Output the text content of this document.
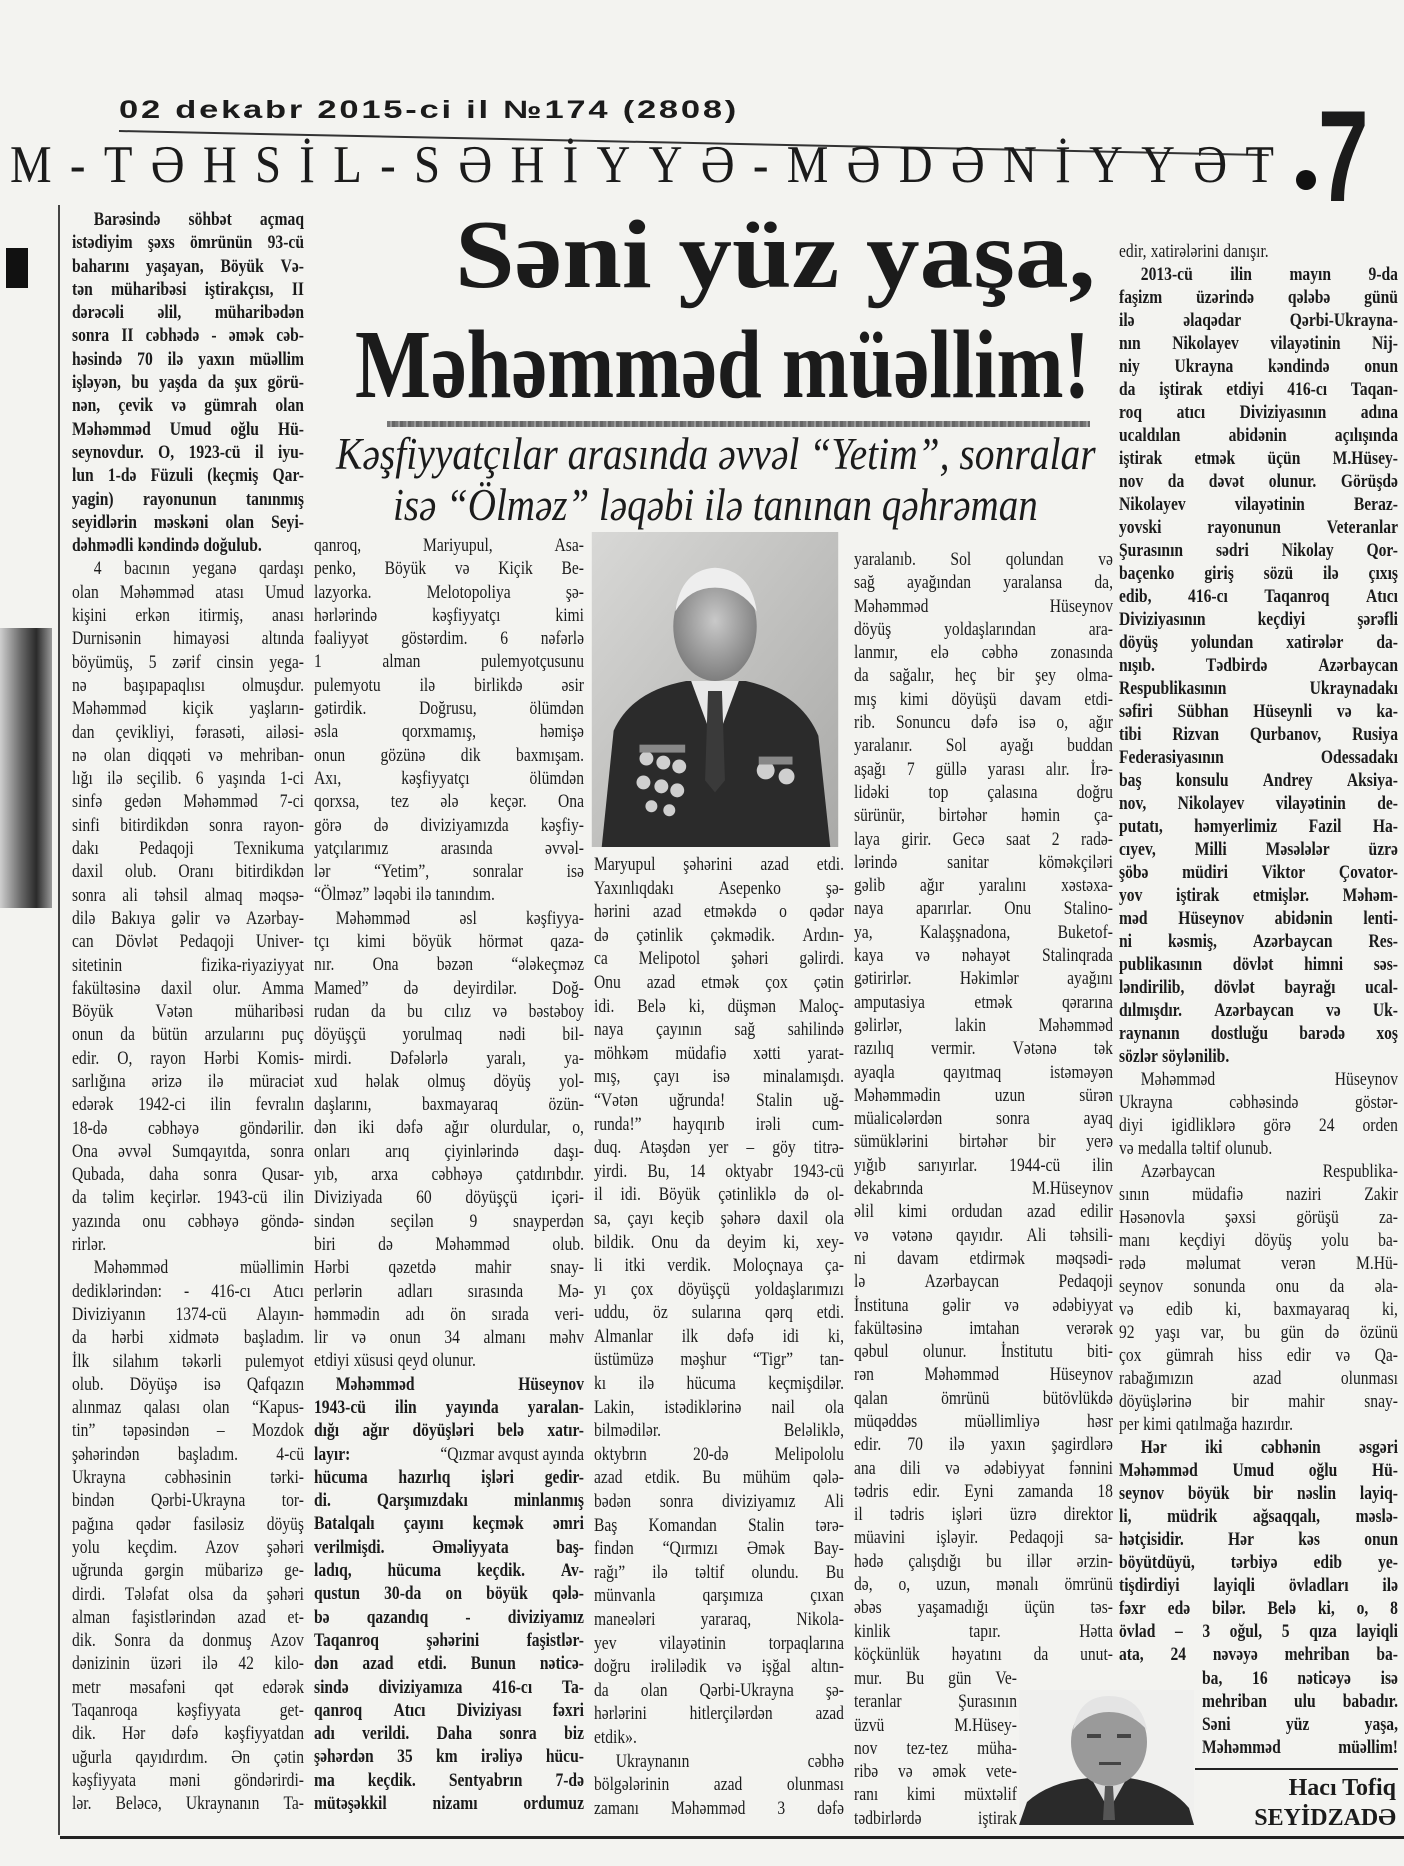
02 dekabr 2015-ci il №174 (2808)
M-TƏHSİL-SƏHİYYƏ-MƏDƏNİYYƏT 7
Səni yüz yaşa,
Məhəmməd müəllim!
Kəşfiyyatçılar arasında əvvəl “Yetim”, sonralar
isə “Ölməz” ləqəbi ilə tanınan qəhrəman
Barəsində söhbət açmaq
istədiyim şəxs ömrünün 93-cü
baharını yaşayan, Böyük Və-
tən müharibəsi iştirakçısı, II
dərəcəli əlil, müharibədən
sonra II cəbhədə - əmək cəb-
həsində 70 ilə yaxın müəllim
işləyən, bu yaşda da şux görü-
nən, çevik və gümrah olan
Məhəmməd Umud oğlu Hü-
seynovdur. O, 1923-cü il iyu-
lun 1-də Füzuli (keçmiş Qar-
yagin) rayonunun tanınmış
seyidlərin məskəni olan Seyi-
dəhmədli kəndində doğulub.
4 bacının yeganə qardaşı
olan Məhəmməd atası Umud
kişini erkən itirmiş, anası
Durnisənin himayəsi altında
böyümüş, 5 zərif cinsin yega-
nə başıpapaqlısı olmuşdur.
Məhəmməd kiçik yaşların-
dan çevikliyi, fərasəti, ailəsi-
nə olan diqqəti və mehriban-
lığı ilə seçilib. 6 yaşında 1-ci
sinfə gedən Məhəmməd 7-ci
sinfi bitirdikdən sonra rayon-
dakı Pedaqoji Texnikuma
daxil olub. Oranı bitirdikdən
sonra ali təhsil almaq məqsə-
dilə Bakıya gəlir və Azərbay-
can Dövlət Pedaqoji Univer-
sitetinin	fizika-riyaziyyat
fakültəsinə daxil olur. Amma
Böyük Vətən müharibəsi
onun da bütün arzularını puç
edir. O, rayon Hərbi Komis-
sarlığına ərizə ilə müraciət
edərək 1942-ci ilin fevralın
18-də cəbhəyə göndərilir.
Ona əvvəl Sumqayıtda, sonra
Qubada, daha sonra Qusar-
da təlim keçirlər. 1943-cü ilin
yazında onu cəbhəyə göndə-
rirlər.
Məhəmməd	müəllimin
dediklərindən: - 416-cı Atıcı
Diviziyanın 1374-cü Alayın-
da hərbi xidmətə başladım.
İlk silahım təkərli pulemyot
olub. Döyüşə isə Qafqazın
alınmaz qalası olan “Kapus-
tin” təpəsindən – Mozdok
şəhərindən başladım. 4-cü
Ukrayna cəbhəsinin tərki-
bindən Qərbi-Ukrayna tor-
pağına qədər fasiləsiz döyüş
yolu keçdim. Azov şəhəri
uğrunda gərgin mübarizə ge-
dirdi. Tələfat olsa da şəhəri
alman faşistlərindən azad et-
dik. Sonra da donmuş Azov
dənizinin üzəri ilə 42 kilo-
metr məsafəni qət edərək
Taqanroqa kəşfiyyata get-
dik. Hər dəfə kəşfiyyatdan
uğurla qayıdırdım. Ən çətin
kəşfiyyata məni göndərirdi-
lər. Beləcə, Ukraynanın Ta-
qanroq,	Mariyupul,	Asa-
penko, Böyük və Kiçik Be-
lazyorka.	Melotopoliya	şə-
hərlərində	kəşfiyyatçı	kimi
fəaliyyət göstərdim. 6 nəfərlə
1	alman	pulemyotçusunu
pulemyotu ilə birlikdə əsir
gətirdik.	Doğrusu,	ölümdən
əsla	qorxmamış,	həmişə
onun gözünə dik baxmışam.
Axı,	kəşfiyyatçı	ölümdən
qorxsa, tez ələ keçər. Ona
görə də diviziyamızda kəşfiy-
yatçılarımız	arasında	əvvəl-
lər “Yetim”, sonralar isə
“Ölməz” ləqəbi ilə tanındım.
Məhəmməd	əsl	kəşfiyya-
tçı kimi böyük hörmət qaza-
nır. Ona bəzən “ələkeçməz
Mamed” də deyirdilər. Doğ-
rudan da bu cılız və bəstəboy
döyüşçü yorulmaq nədi bil-
mirdi. Dəfələrlə yaralı, ya-
xud həlak olmuş döyüş yol-
daşlarını,	baxmayaraq	özün-
dən iki dəfə ağır olurdular, o,
onları arıq çiyinlərində daşı-
yıb, arxa cəbhəyə çatdırıbdır.
Diviziyada 60 döyüşçü içəri-
sindən seçilən 9 snayperdən
biri də Məhəmməd olub.
Hərbi qəzetdə mahir snay-
perlərin adları sırasında Mə-
həmmədin adı ön sırada veri-
lir və onun 34 almanı məhv
etdiyi xüsusi qeyd olunur.
Məhəmməd	Hüseynov
1943-cü ilin yayında yaralan-
dığı ağır döyüşləri belə xatır-
layır:	“Qızmar avqust ayında
hücuma hazırlıq işləri gedir-
di. Qarşımızdakı minlanmış
Batalqalı çayını keçmək əmri
verilmişdi.	Əməliyyata	baş-
ladıq, hücuma keçdik. Av-
qustun 30-da on böyük qələ-
bə qazandıq - diviziyamız
Taqanroq şəhərini faşistlər-
dən azad etdi. Bunun nəticə-
sində diviziyamıza 416-cı Ta-
qanroq Atıcı Diviziyası fəxri
adı verildi. Daha sonra biz
şəhərdən 35 km irəliyə hücu-
ma keçdik. Sentyabrın 7-də
mütəşəkkil nizamı ordumuz
Maryupul şəhərini azad etdi.
Yaxınlıqdakı Asepenko şə-
hərini azad etməkdə o qədər
də çətinlik çəkmədik. Ardın-
ca Melipotol şəhəri gəlirdi.
Onu azad etmək çox çətin
idi. Belə ki, düşmən Maloç-
naya çayının sağ sahilində
möhkəm müdafiə xətti yarat-
mış, çayı isə minalamışdı.
“Vətən uğrunda! Stalin uğ-
runda!” hayqırıb irəli cum-
duq. Atəşdən yer – göy titrə-
yirdi. Bu, 14 oktyabr 1943-cü
il idi. Böyük çətinliklə də ol-
sa, çayı keçib şəhərə daxil ola
bildik. Onu da deyim ki, xey-
li itki verdik. Moloçnaya ça-
yı çox döyüşçü yoldaşlarımızı
uddu, öz sularına qərq etdi.
Almanlar ilk dəfə idi ki,
üstümüzə məşhur “Tigr” tan-
kı ilə hücuma keçmişdilər.
Lakin, istədiklərinə nail ola
bilmədilər.	Beləliklə,
oktybrın 20-də Melipololu
azad etdik. Bu mühüm qələ-
bədən sonra diviziyamız Ali
Baş Komandan Stalin tərə-
findən “Qırmızı Əmək Bay-
rağı” ilə təltif olundu. Bu
münvanla qarşımıza çıxan
maneələri yararaq, Nikola-
yev vilayətinin torpaqlarına
doğru irəlilədik və işğal altın-
da olan Qərbi-Ukrayna şə-
hərlərini hitlerçilərdən azad
etdik».
Ukraynanın	cəbhə
bölgələrinin azad olunması
zamanı Məhəmməd 3 dəfə
yaralanıb. Sol qolundan və
sağ ayağından yaralansa da,
Məhəmməd	Hüseynov
döyüş	yoldaşlarından	ara-
lanmır, elə cəbhə zonasında
da sağalır, heç bir şey olma-
mış kimi döyüşü davam etdi-
rib. Sonuncu dəfə isə o, ağır
yaralanır. Sol ayağı buddan
aşağı 7 güllə yarası alır. İrə-
lidəki top çalasına doğru
sürünür, birtəhər həmin ça-
laya girir. Gecə saat 2 radə-
lərində	sanitar	köməkçiləri
gəlib ağır yaralını xəstəxa-
naya aparırlar. Onu Stalino-
ya, Kalaşşnadona, Buketof-
kaya və nəhayət Stalinqrada
gətirirlər.	Həkimlər	ayağını
amputasiya	etmək	qərarına
gəlirlər,	lakin	Məhəmməd
razılıq vermir. Vətənə tək
ayaqla	qayıtmaq	istəməyən
Məhəmmədin	uzun	sürən
müalicələrdən	sonra	ayaq
sümüklərini birtəhər bir yerə
yığıb sarıyırlar. 1944-cü ilin
dekabrında	M.Hüseynov
əlil kimi ordudan azad edilir
və vətənə qayıdır. Ali təhsili-
ni davam etdirmək məqsədi-
lə	Azərbaycan	Pedaqoji
İnstituna gəlir və ədəbiyyat
fakültəsinə imtahan verərək
qəbul olunur. İnstitutu biti-
rən	Məhəmməd	Hüseynov
qalan	ömrünü	bütövlükdə
müqəddəs müəllimliyə həsr
edir. 70 ilə yaxın şagirdlərə
ana dili və ədəbiyyat fənnini
tədris edir. Eyni zamanda 18
il tədris işləri üzrə direktor
müavini işləyir. Pedaqoji sa-
hədə çalışdığı bu illər ərzin-
də, o, uzun, mənalı ömrünü
əbəs yaşamadığı üçün təs-
kinlik	tapır.	Hətta
köçkünlük həyatını da unut-
mur. Bu gün Ve-
teranlar	Şurasının
üzvü	M.Hüsey-
nov tez-tez müha-
ribə və əmək vete-
ranı kimi müxtəlif
tədbirlərdə	iştirak
edir, xatirələrini danışır.
2013-cü ilin mayın 9-da
faşizm üzərində qələbə günü
ilə	əlaqədar	Qərbi-Ukrayna-
nın Nikolayev vilayətinin Nij-
niy Ukrayna kəndində onun
da iştirak etdiyi 416-cı Taqan-
roq atıcı Diviziyasının adına
ucaldılan	abidənin	açılışında
iştirak etmək üçün M.Hüsey-
nov da dəvət olunur. Görüşdə
Nikolayev	vilayətinin	Beraz-
yovski rayonunun Veteranlar
Şurasının sədri Nikolay Qor-
baçenko giriş sözü ilə çıxış
edib, 416-cı Taqanroq Atıcı
Diviziyasının	keçdiyi	şərəfli
döyüş yolundan xatirələr da-
nışıb.	Tədbirdə	Azərbaycan
Respublikasının	Ukraynadakı
səfiri Sübhan Hüseynli və ka-
tibi Rizvan Qurbanov, Rusiya
Federasiyasının	Odessadakı
baş konsulu Andrey Aksiya-
nov, Nikolayev vilayətinin de-
putatı, həmyerlimiz Fazil Ha-
cıyev, Milli Məsələlər üzrə
şöbə müdiri Viktor Çovator-
yov iştirak etmişlər. Məhəm-
məd Hüseynov abidənin lenti-
ni kəsmiş, Azərbaycan Res-
publikasının dövlət himni səs-
ləndirilib, dövlət bayrağı ucal-
dılmışdır. Azərbaycan və Uk-
raynanın dostluğu barədə xoş
sözlər söylənilib.
Məhəmməd	Hüseynov
Ukrayna	cəbhəsində	göstər-
diyi igidliklərə görə 24 orden
və medalla təltif olunub.
Azərbaycan	Respublika-
sının müdafiə naziri Zakir
Həsənovla şəxsi görüşü za-
manı keçdiyi döyüş yolu ba-
rədə məlumat verən M.Hü-
seynov sonunda onu da əla-
və edib ki, baxmayaraq ki,
92 yaşı var, bu gün də özünü
çox gümrah hiss edir və Qa-
rabağımızın	azad	olunması
döyüşlərinə bir mahir snay-
per kimi qatılmağa hazırdır.
Hər iki cəbhənin əsgəri
Məhəmməd Umud oğlu Hü-
seynov böyük bir nəslin layiq-
li, müdrik ağsaqqalı, məslə-
hətçisidir. Hər kəs onun
böyütdüyü, tərbiyə edib ye-
tişdirdiyi layiqli övladları ilə
fəxr edə bilər. Belə ki, o, 8
övlad – 3 oğul, 5 qıza layiqli
ata, 24 nəvəyə mehriban ba-
ba, 16 nəticəyə isə
mehriban ulu babadır.
Səni	yüz	yaşa,
Məhəmməd	müəllim!
Hacı Tofiq
SEYİDZADƏ
